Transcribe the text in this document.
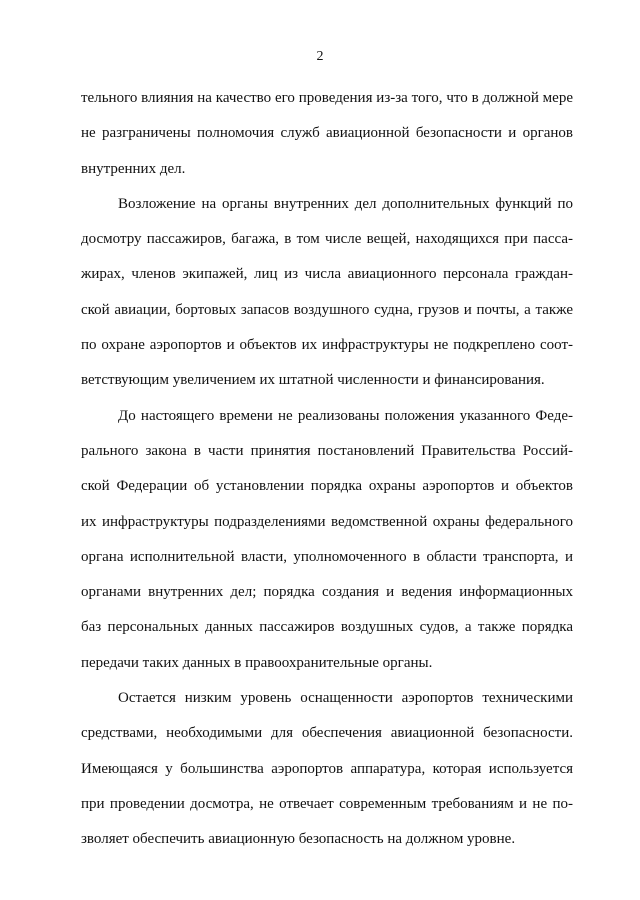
2
тельного влияния на качество его проведения из-за того, что в должной мере
не разграничены полномочия служб авиационной безопасности и органов
внутренних дел.
Возложение на органы внутренних дел дополнительных функций по
досмотру пассажиров, багажа, в том числе вещей, находящихся при пасса-
жирах, членов экипажей, лиц из числа авиационного персонала граждан-
ской авиации, бортовых запасов воздушного судна, грузов и почты, а также
по охране аэропортов и объектов их инфраструктуры не подкреплено соот-
ветствующим увеличением их штатной численности и финансирования.
До настоящего времени не реализованы положения указанного Феде-
рального закона в части принятия постановлений Правительства Россий-
ской Федерации об установлении порядка охраны аэропортов и объектов
их инфраструктуры подразделениями ведомственной охраны федерального
органа исполнительной власти, уполномоченного в области транспорта, и
органами внутренних дел; порядка создания и ведения информационных
баз персональных данных пассажиров воздушных судов, а также порядка
передачи таких данных в правоохранительные органы.
Остается низким уровень оснащенности аэропортов техническими
средствами, необходимыми для обеспечения авиационной безопасности.
Имеющаяся у большинства аэропортов аппаратура, которая используется
при проведении досмотра, не отвечает современным требованиям и не по-
зволяет обеспечить авиационную безопасность на должном уровне.
